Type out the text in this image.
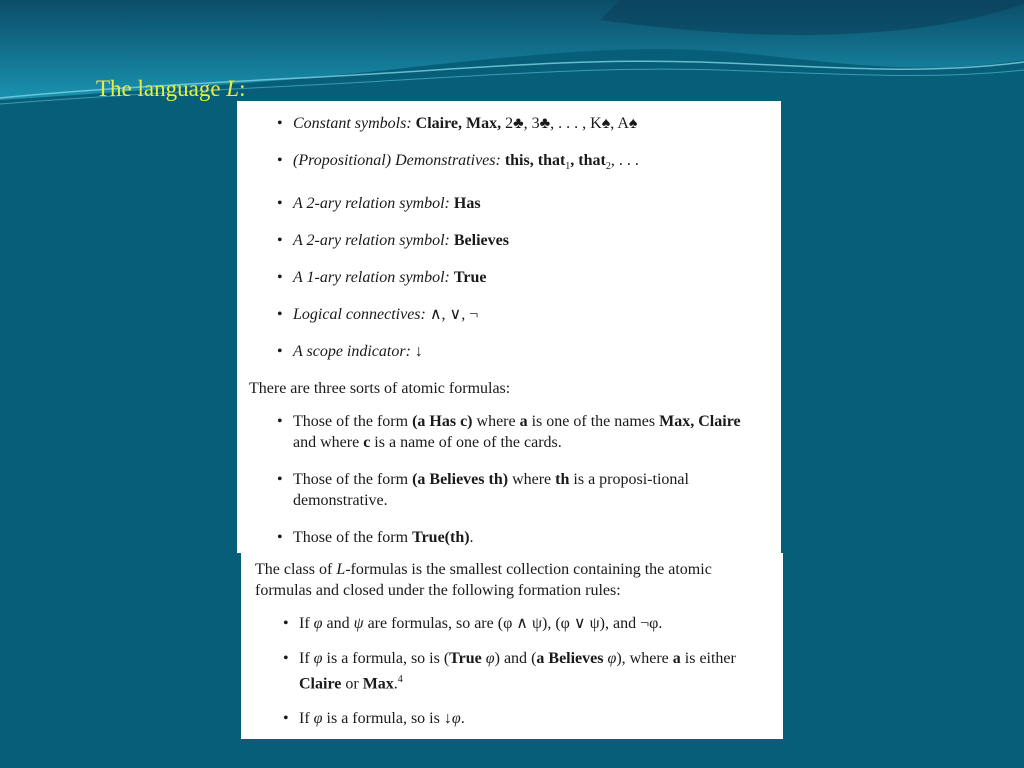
The language L:
• Constant symbols: Claire, Max, 2♣, 3♣, . . . , K♠, A♠
• (Propositional) Demonstratives: this, that$_1$, that$_2$, . . .
• A 2-ary relation symbol: Has
• A 2-ary relation symbol: Believes
• A 1-ary relation symbol: True
• Logical connectives: ∧, ∨, ¬
• A scope indicator: ↓

There are three sorts of atomic formulas:

• Those of the form (a Has c) where a is one of the names Max, Claire and where c is a name of one of the cards.
• Those of the form (a Believes th) where th is a proposi-tional demonstrative.
• Those of the form True(th).

The class of L-formulas is the smallest collection containing the atomic formulas and closed under the following formation rules:

• If φ and ψ are formulas, so are (φ ∧ ψ), (φ ∨ ψ), and ¬φ.
• If φ is a formula, so is (True φ) and (a Believes φ), where a is either Claire or Max.$^4$
• If φ is a formula, so is ↓φ.
